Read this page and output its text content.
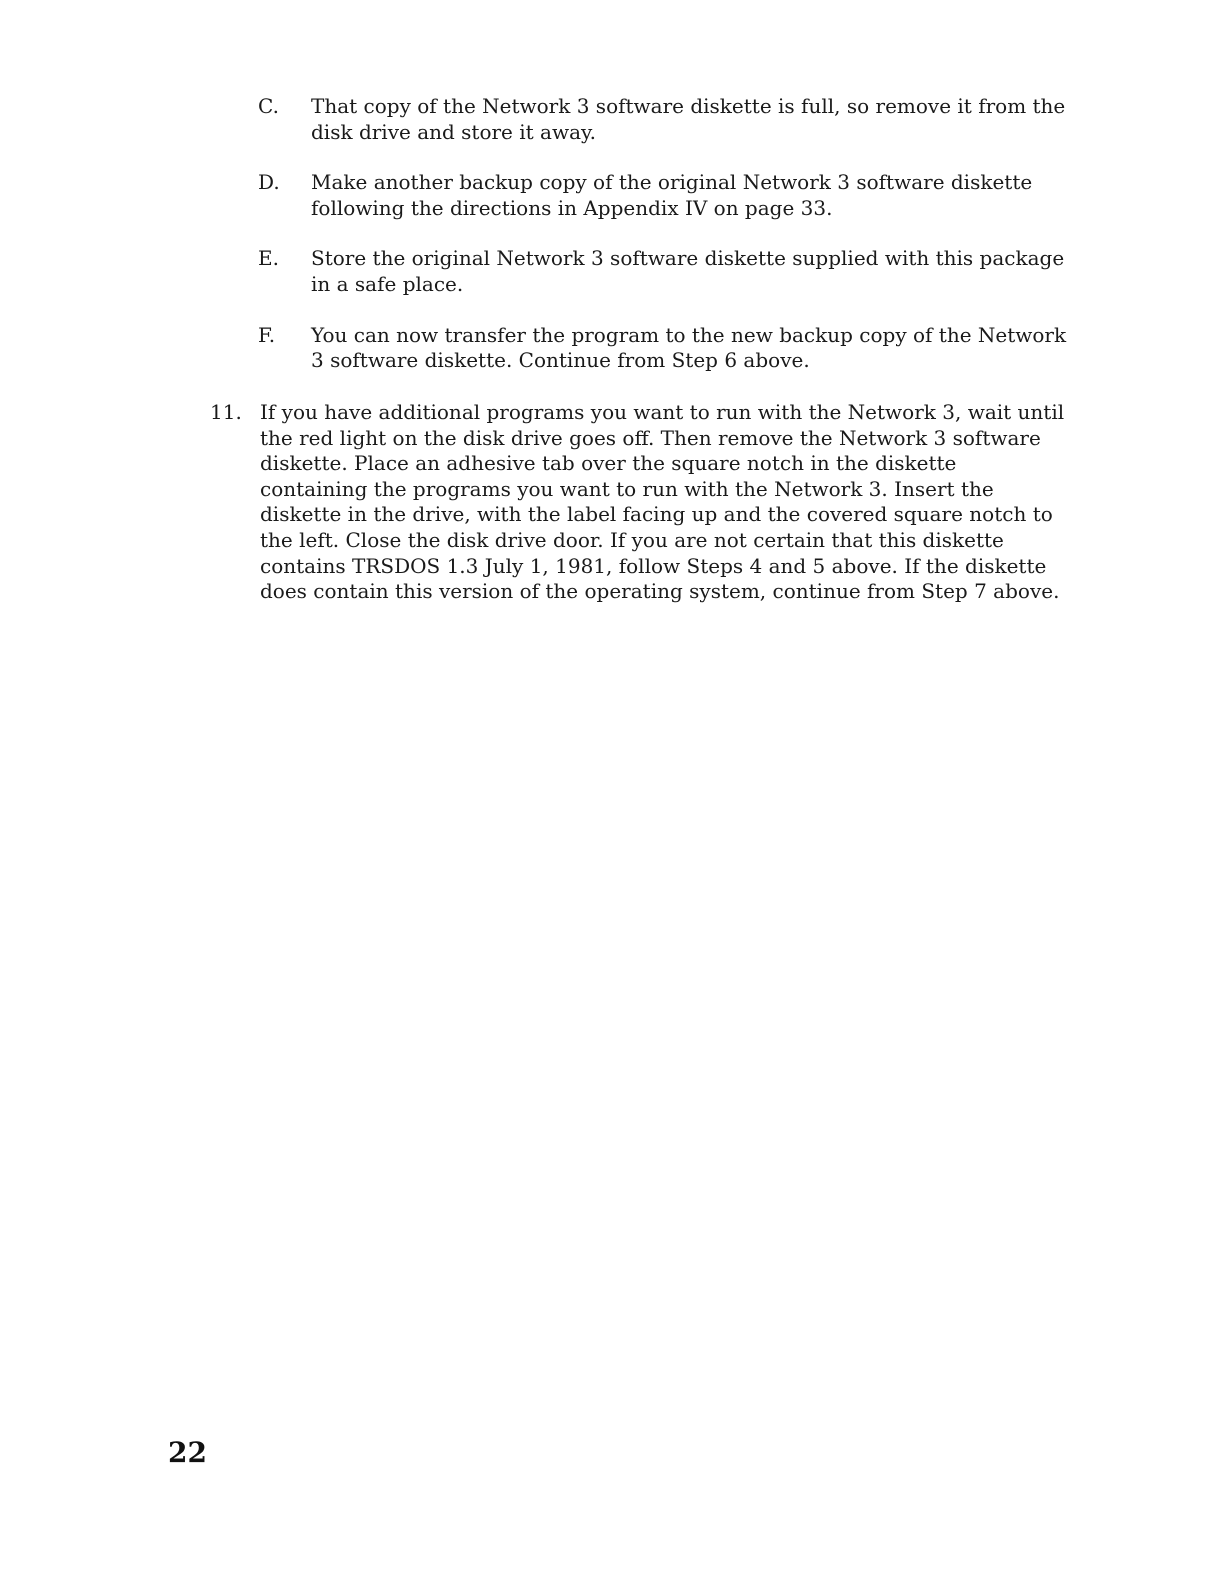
C. That copy of the Network 3 software diskette is full, so remove it from the disk drive and store it away.
D. Make another backup copy of the original Network 3 software diskette following the directions in Appendix IV on page 33.
E. Store the original Network 3 software diskette supplied with this package in a safe place.
F. You can now transfer the program to the new backup copy of the Network 3 software diskette. Continue from Step 6 above.
11. If you have additional programs you want to run with the Network 3, wait until the red light on the disk drive goes off. Then remove the Network 3 software diskette. Place an adhesive tab over the square notch in the diskette containing the programs you want to run with the Network 3. Insert the diskette in the drive, with the label facing up and the covered square notch to the left. Close the disk drive door. If you are not certain that this diskette contains TRSDOS 1.3 July 1, 1981, follow Steps 4 and 5 above. If the diskette does contain this version of the operating system, continue from Step 7 above.
22
